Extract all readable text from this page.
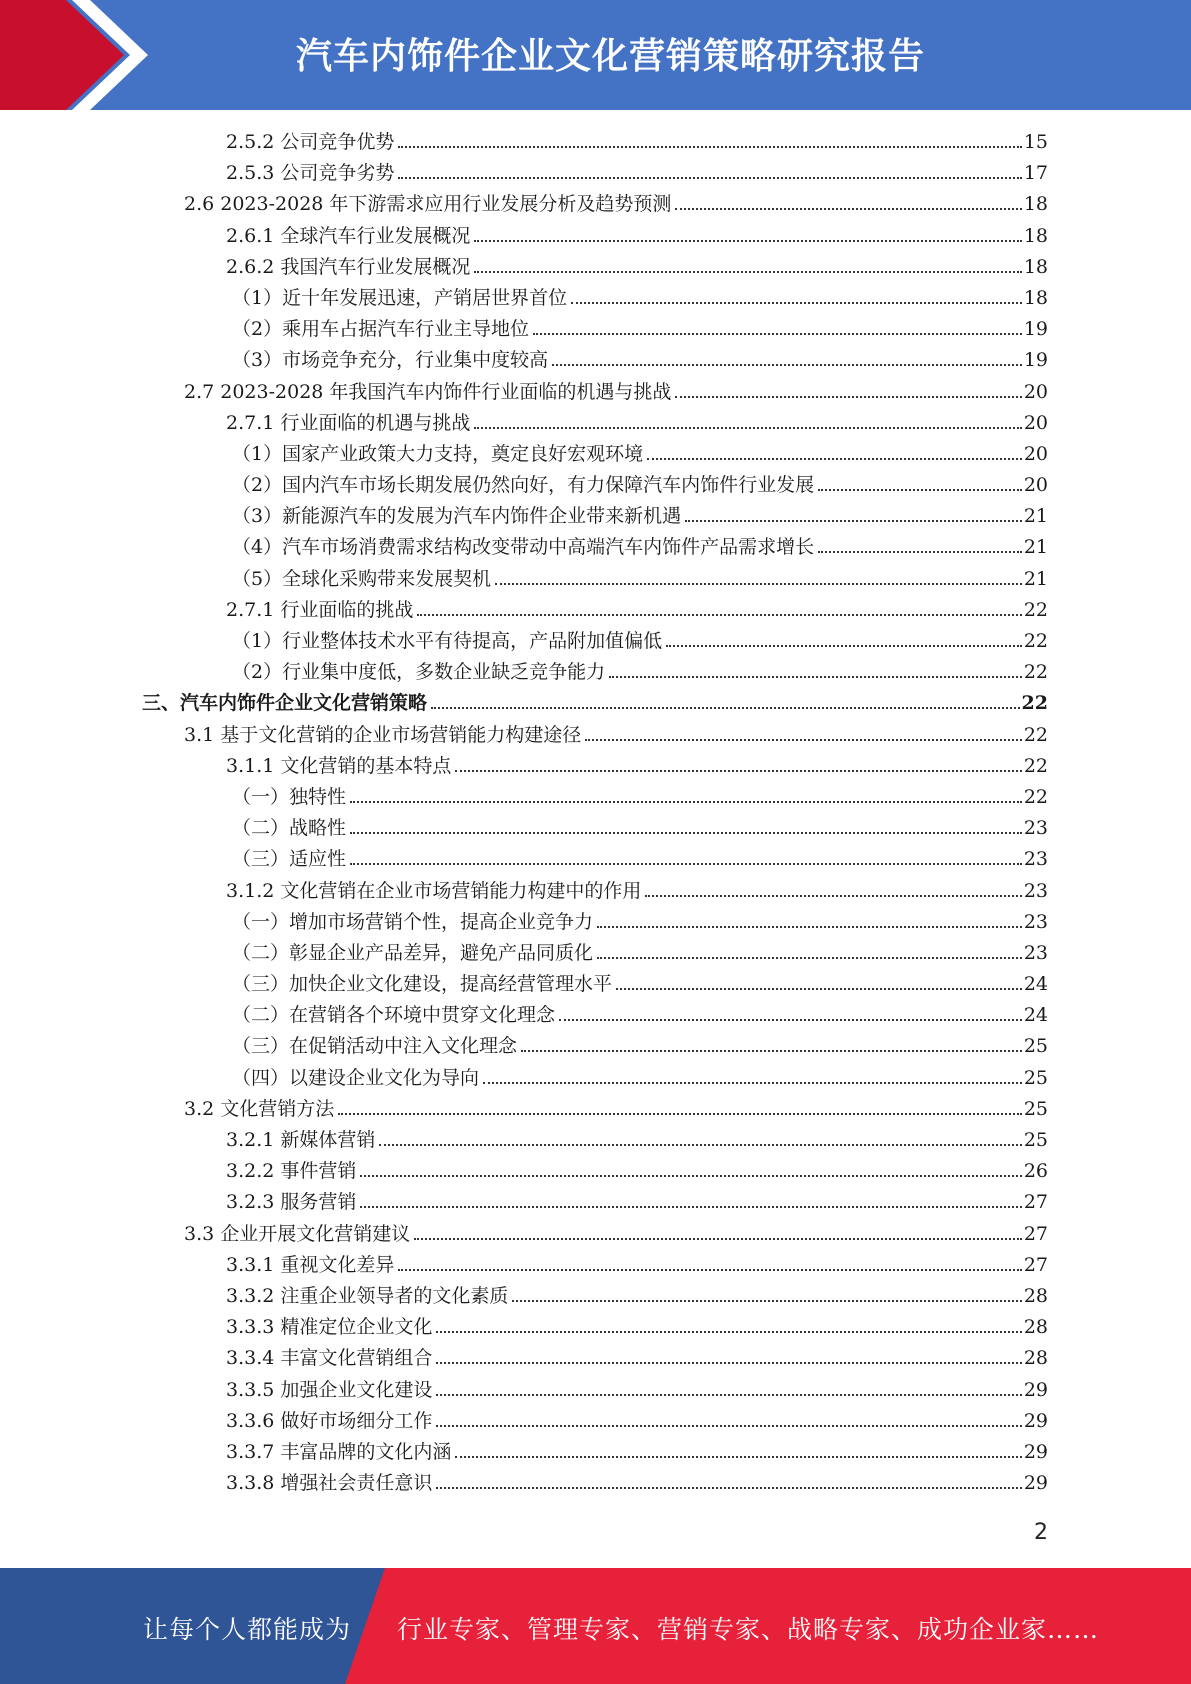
汽车内饰件企业文化营销策略研究报告
2.5.2 公司竞争优势	15
2.5.3 公司竞争劣势	17
2.6 2023-2028 年下游需求应用行业发展分析及趋势预测	18
2.6.1 全球汽车行业发展概况	18
2.6.2 我国汽车行业发展概况	18
（1）近十年发展迅速，产销居世界首位	18
（2）乘用车占据汽车行业主导地位	19
（3）市场竞争充分，行业集中度较高	19
2.7 2023-2028 年我国汽车内饰件行业面临的机遇与挑战	20
2.7.1 行业面临的机遇与挑战	20
（1）国家产业政策大力支持，奠定良好宏观环境	20
（2）国内汽车市场长期发展仍然向好，有力保障汽车内饰件行业发展	20
（3）新能源汽车的发展为汽车内饰件企业带来新机遇	21
（4）汽车市场消费需求结构改变带动中高端汽车内饰件产品需求增长	21
（5）全球化采购带来发展契机	21
2.7.1 行业面临的挑战	22
（1）行业整体技术水平有待提高，产品附加值偏低	22
（2）行业集中度低，多数企业缺乏竞争能力	22
三、汽车内饰件企业文化营销策略	22
3.1 基于文化营销的企业市场营销能力构建途径	22
3.1.1 文化营销的基本特点	22
（一）独特性	22
（二）战略性	23
（三）适应性	23
3.1.2 文化营销在企业市场营销能力构建中的作用	23
（一）增加市场营销个性，提高企业竞争力	23
（二）彰显企业产品差异，避免产品同质化	23
（三）加快企业文化建设，提高经营管理水平	24
（二）在营销各个环境中贯穿文化理念	24
（三）在促销活动中注入文化理念	25
（四）以建设企业文化为导向	25
3.2 文化营销方法	25
3.2.1 新媒体营销	25
3.2.2 事件营销	26
3.2.3 服务营销	27
3.3 企业开展文化营销建议	27
3.3.1 重视文化差异	27
3.3.2 注重企业领导者的文化素质	28
3.3.3 精准定位企业文化	28
3.3.4 丰富文化营销组合	28
3.3.5 加强企业文化建设	29
3.3.6 做好市场细分工作	29
3.3.7 丰富品牌的文化内涵	29
3.3.8 增强社会责任意识	29
2
让每个人都能成为 行业专家、管理专家、营销专家、战略专家、成功企业家……
